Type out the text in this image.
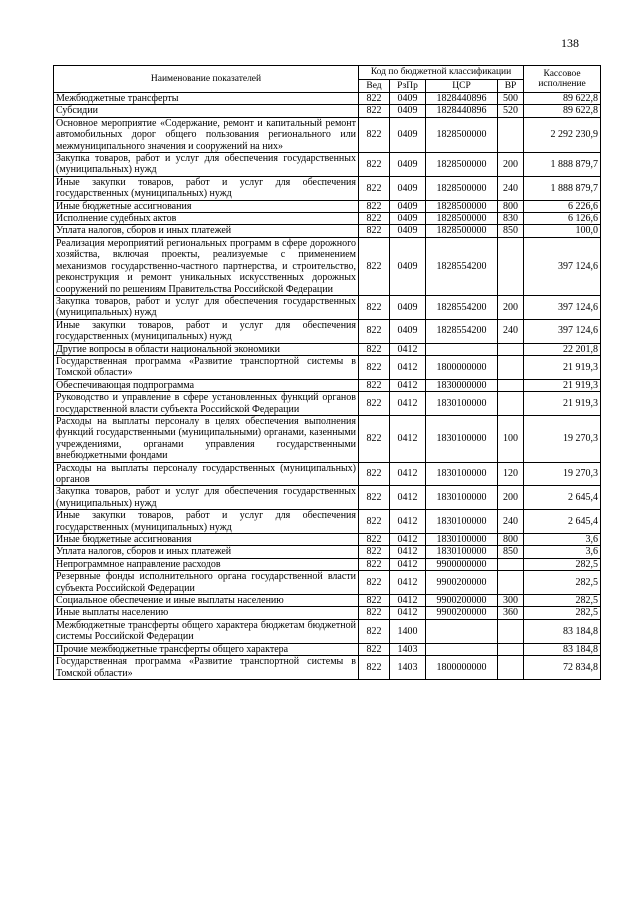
138
Наименование показателей	Код по бюджетной классификации				Кассовое исполнение
	Вед	РзПр	ЦСР	ВР	
Межбюджетные трансферты	822	0409	1828440896	500	89 622,8
Субсидии	822	0409	1828440896	520	89 622,8
Основное мероприятие «Содержание, ремонт и капитальный ремонт автомобильных дорог общего пользования регионального или межмуниципального значения и сооружений на них»	822	0409	1828500000		2 292 230,9
Закупка товаров, работ и услуг для обеспечения государственных (муниципальных) нужд	822	0409	1828500000	200	1 888 879,7
Иные закупки товаров, работ и услуг для обеспечения государственных (муниципальных) нужд	822	0409	1828500000	240	1 888 879,7
Иные бюджетные ассигнования	822	0409	1828500000	800	6 226,6
Исполнение судебных актов	822	0409	1828500000	830	6 126,6
Уплата налогов, сборов и иных платежей	822	0409	1828500000	850	100,0
Реализация мероприятий региональных программ в сфере дорожного хозяйства, включая проекты, реализуемые с применением механизмов государственно-частного партнерства, и строительство, реконструкция и ремонт уникальных искусственных дорожных сооружений по решениям Правительства Российской Федерации	822	0409	1828554200		397 124,6
Закупка товаров, работ и услуг для обеспечения государственных (муниципальных) нужд	822	0409	1828554200	200	397 124,6
Иные закупки товаров, работ и услуг для обеспечения государственных (муниципальных) нужд	822	0409	1828554200	240	397 124,6
Другие вопросы в области национальной экономики	822	0412			22 201,8
Государственная программа «Развитие транспортной системы в Томской области»	822	0412	1800000000		21 919,3
Обеспечивающая подпрограмма	822	0412	1830000000		21 919,3
Руководство и управление в сфере установленных функций органов государственной власти субъекта Российской Федерации	822	0412	1830100000		21 919,3
Расходы на выплаты персоналу в целях обеспечения выполнения функций государственными (муниципальными) органами, казенными учреждениями, органами управления государственными внебюджетными фондами	822	0412	1830100000	100	19 270,3
Расходы на выплаты персоналу государственных (муниципальных) органов	822	0412	1830100000	120	19 270,3
Закупка товаров, работ и услуг для обеспечения государственных (муниципальных) нужд	822	0412	1830100000	200	2 645,4
Иные закупки товаров, работ и услуг для обеспечения государственных (муниципальных) нужд	822	0412	1830100000	240	2 645,4
Иные бюджетные ассигнования	822	0412	1830100000	800	3,6
Уплата налогов, сборов и иных платежей	822	0412	1830100000	850	3,6
Непрограммное направление расходов	822	0412	9900000000		282,5
Резервные фонды исполнительного органа государственной власти субъекта Российской Федерации	822	0412	9900200000		282,5
Социальное обеспечение и иные выплаты населению	822	0412	9900200000	300	282,5
Иные выплаты населению	822	0412	9900200000	360	282,5
Межбюджетные трансферты общего характера бюджетам бюджетной системы Российской Федерации	822	1400			83 184,8
Прочие межбюджетные трансферты общего характера	822	1403			83 184,8
Государственная программа «Развитие транспортной системы в Томской области»	822	1403	1800000000		72 834,8
